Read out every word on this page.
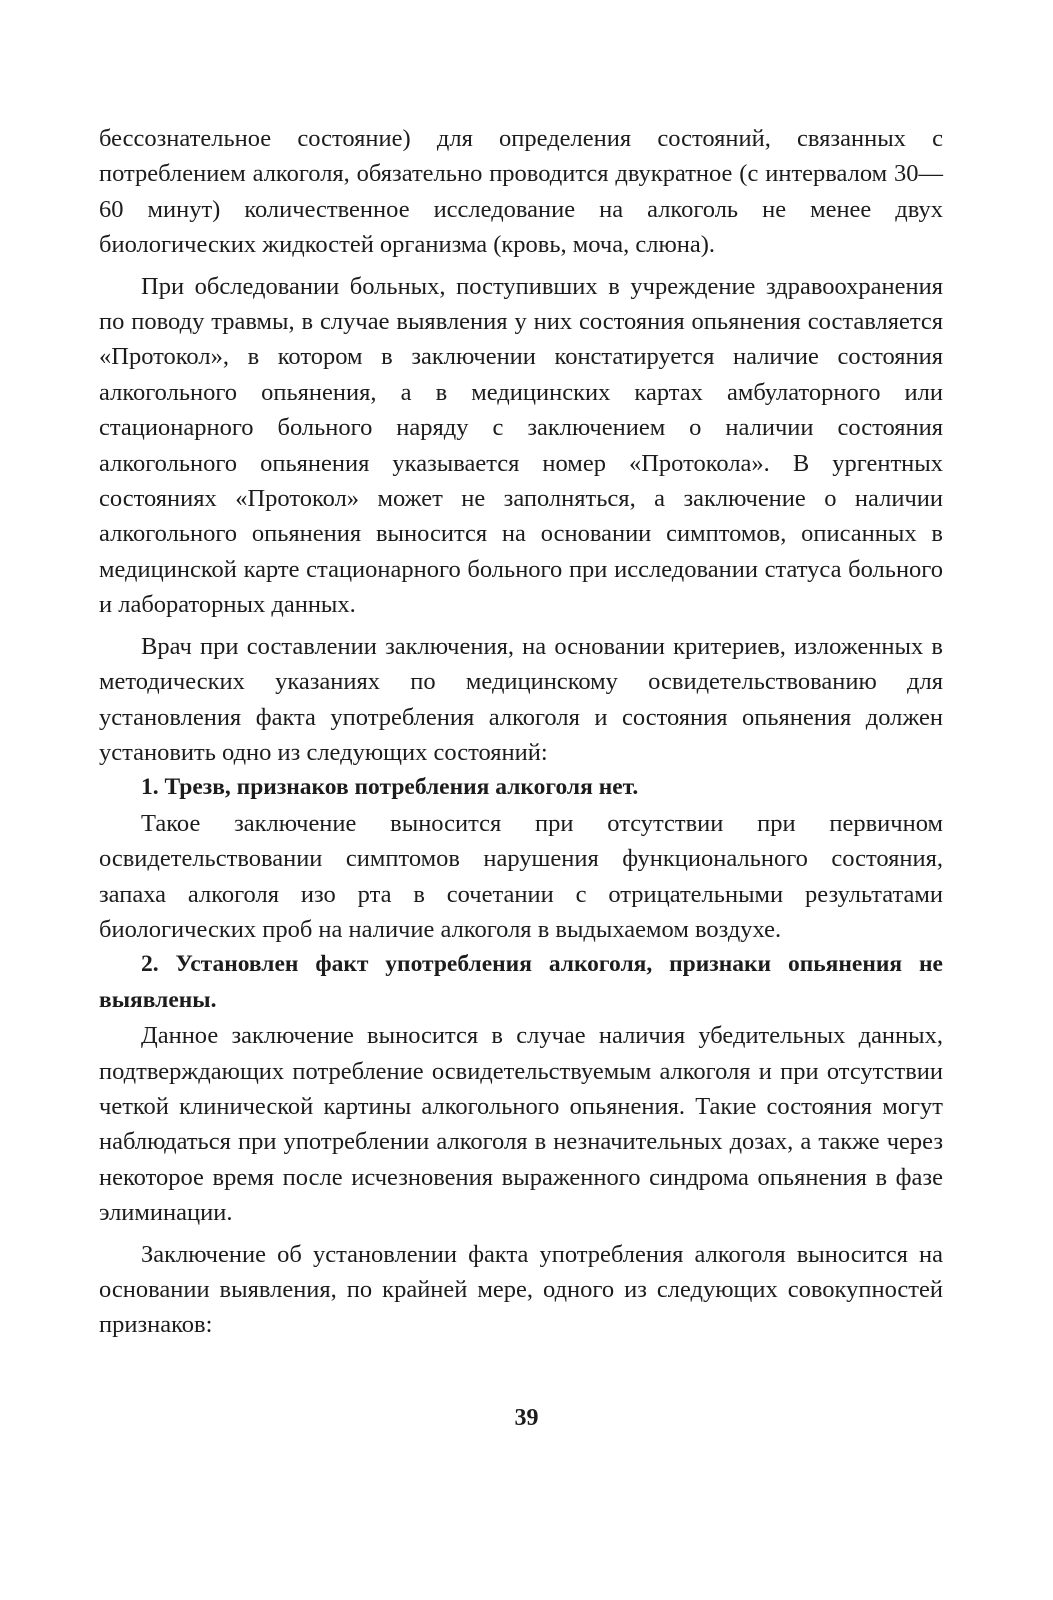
бессознательное состояние) для определения состояний, связанных с потреблением алкоголя, обязательно проводится двукратное (с интервалом 30—60 минут) количественное исследование на алкоголь не менее двух биологических жидкостей организма (кровь, моча, слюна).

При обследовании больных, поступивших в учреждение здравоохранения по поводу травмы, в случае выявления у них состояния опьянения составляется «Протокол», в котором в заключении констатируется наличие состояния алкогольного опьянения, а в медицинских картах амбулаторного или стационарного больного наряду с заключением о наличии состояния алкогольного опьянения указывается номер «Протокола». В ургентных состояниях «Протокол» может не заполняться, а заключение о наличии алкогольного опьянения выносится на основании симптомов, описанных в медицинской карте стационарного больного при исследовании статуса больного и лабораторных данных.

Врач при составлении заключения, на основании критериев, изложенных в методических указаниях по медицинскому освидетельствованию для установления факта употребления алкоголя и состояния опьянения должен установить одно из следующих состояний:

1. Трезв, признаков потребления алкоголя нет.

Такое заключение выносится при отсутствии при первичном освидетельствовании симптомов нарушения функционального состояния, запаха алкоголя изо рта в сочетании с отрицательными результатами биологических проб на наличие алкоголя в выдыхаемом воздухе.

2. Установлен факт употребления алкоголя, признаки опьянения не выявлены.

Данное заключение выносится в случае наличия убедительных данных, подтверждающих потребление освидетельствуемым алкоголя и при отсутствии четкой клинической картины алкогольного опьянения. Такие состояния могут наблюдаться при употреблении алкоголя в незначительных дозах, а также через некоторое время после исчезновения выраженного синдрома опьянения в фазе элиминации.

Заключение об установлении факта употребления алкоголя выносится на основании выявления, по крайней мере, одного из следующих совокупностей признаков:

39
